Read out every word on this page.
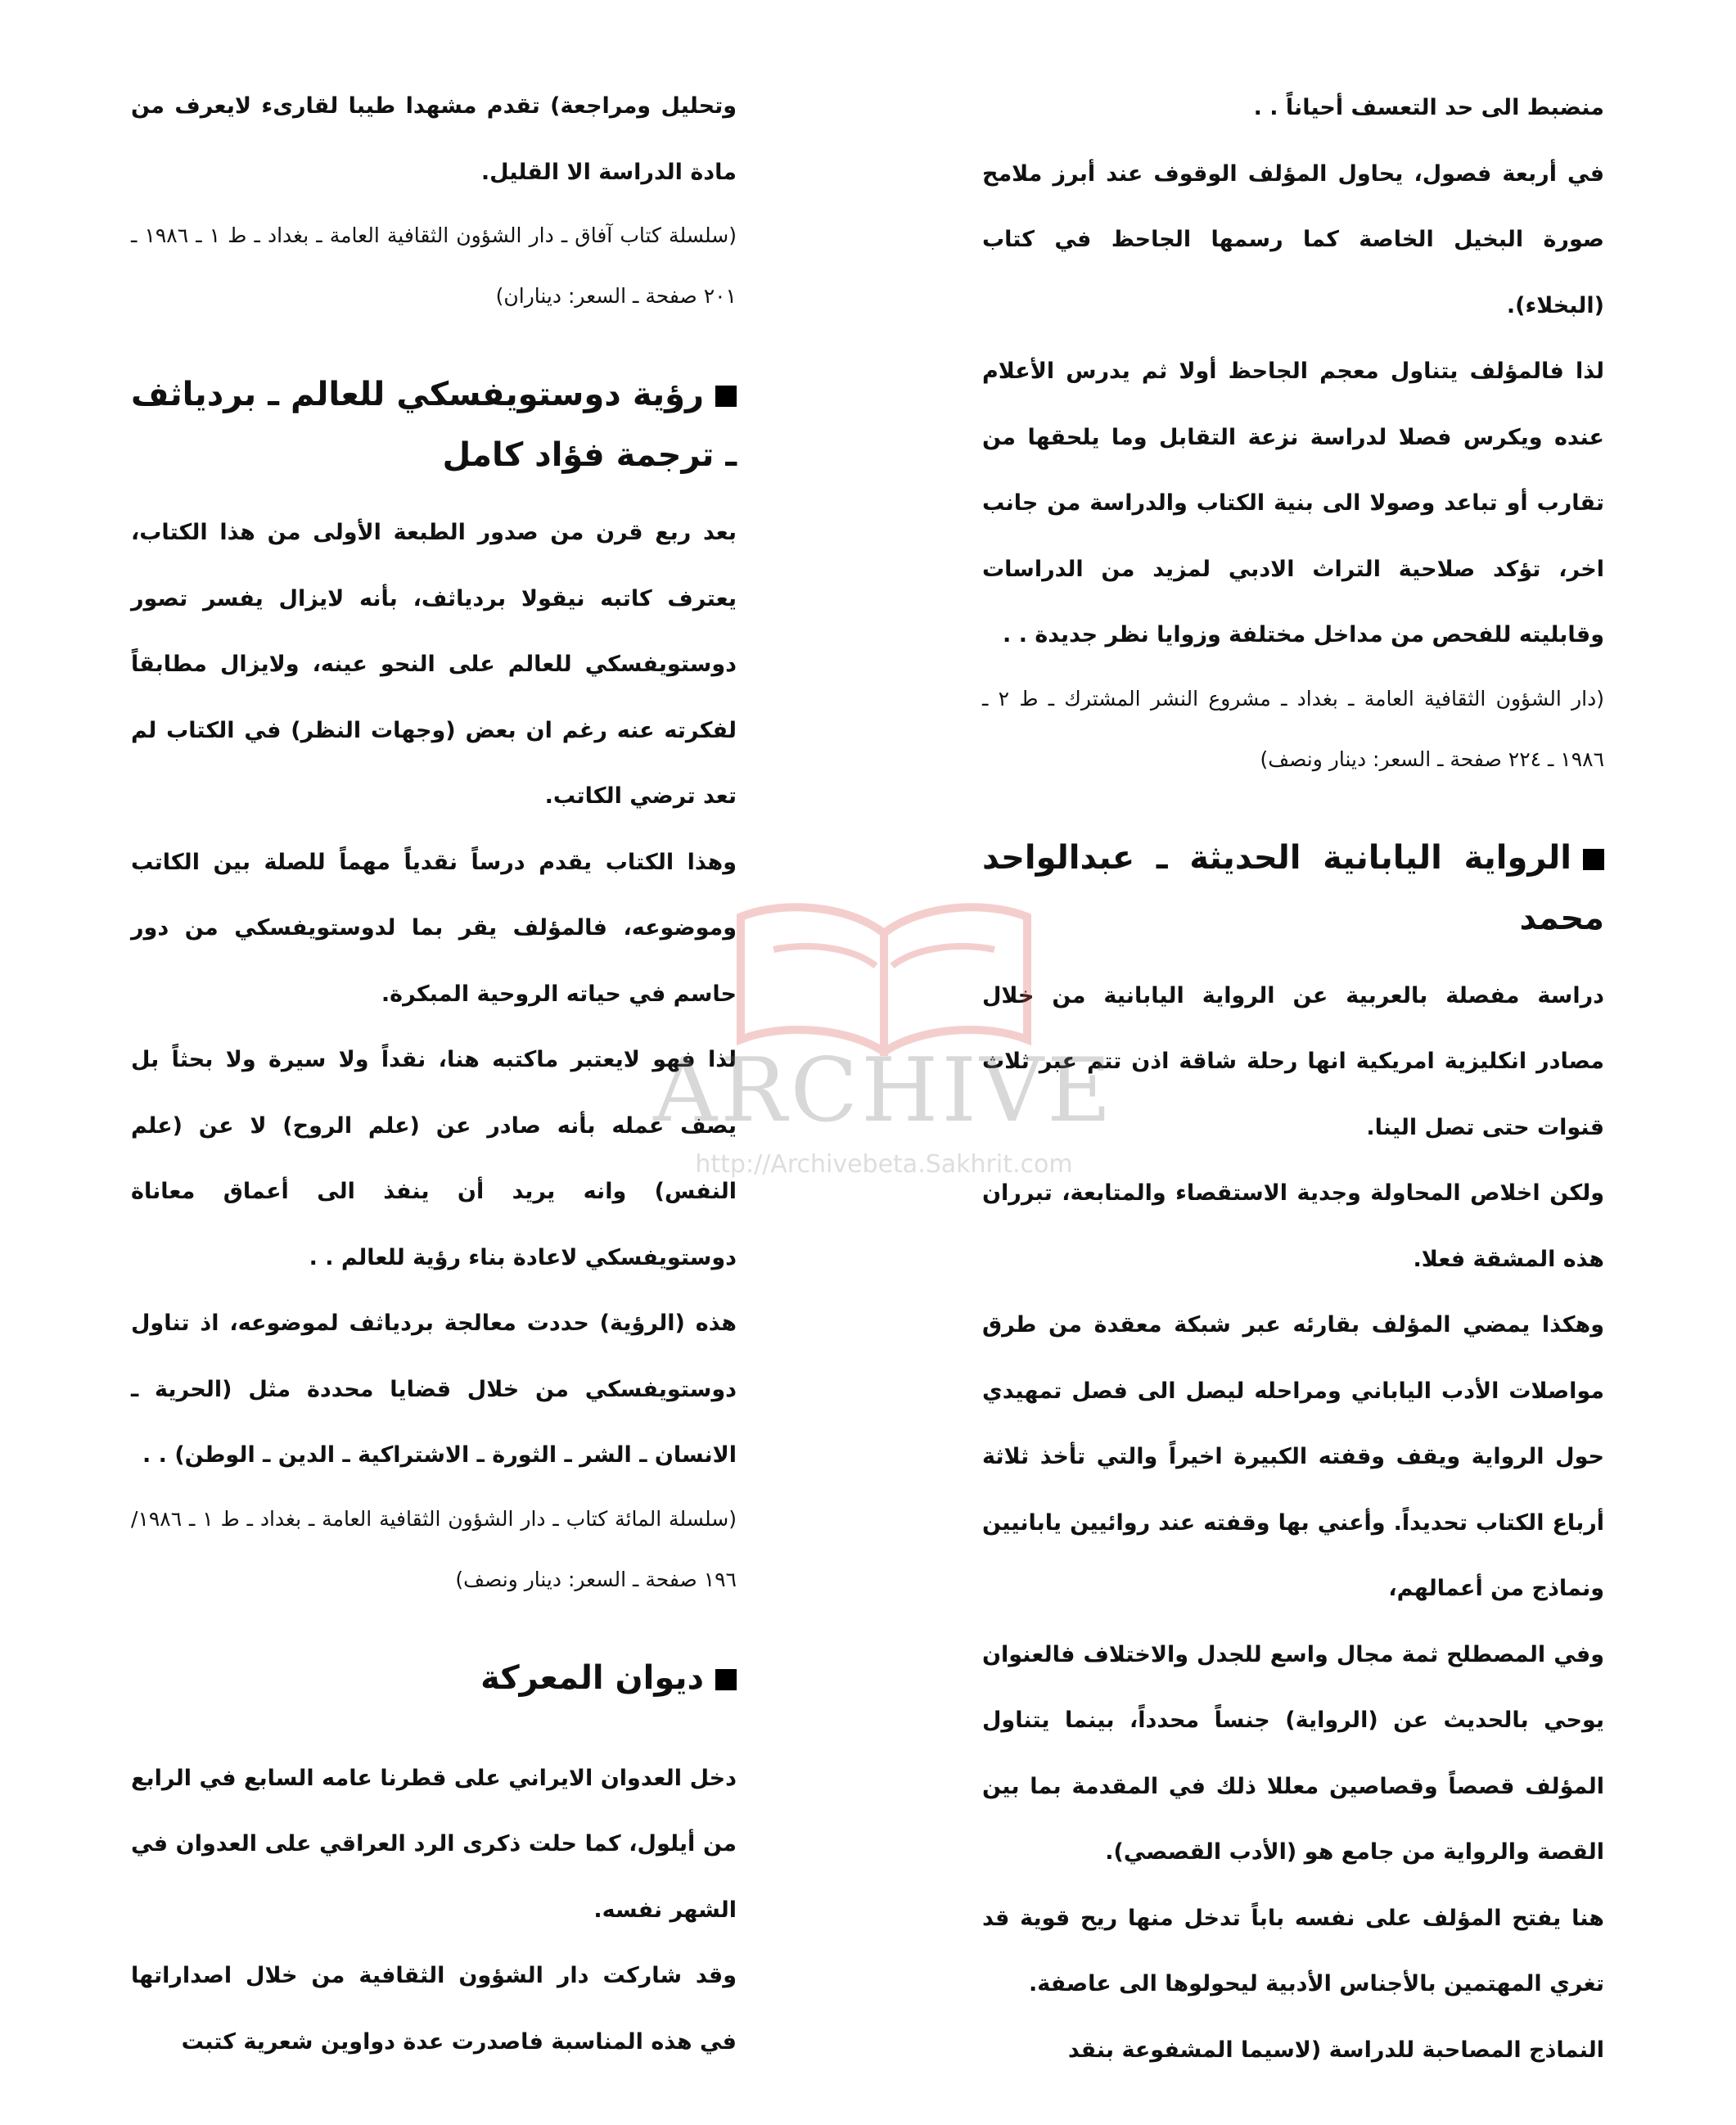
منضبط الى حد التعسف أحياناً . .

في أربعة فصول، يحاول المؤلف الوقوف عند أبرز ملامح صورة البخيل الخاصة كما رسمها الجاحظ في كتاب (البخلاء).

لذا فالمؤلف يتناول معجم الجاحظ أولا ثم يدرس الأعلام عنده ويكرس فصلا لدراسة نزعة التقابل وما يلحقها من تقارب أو تباعد وصولا الى بنية الكتاب والدراسة من جانب اخر، تؤكد صلاحية التراث الادبي لمزيد من الدراسات وقابليته للفحص من مداخل مختلفة وزوايا نظر جديدة . .

(دار الشؤون الثقافية العامة ـ بغداد ـ مشروع النشر المشترك ـ ط ٢ ـ ١٩٨٦ ـ ٢٢٤ صفحة ـ السعر: دينار ونصف)

الرواية اليابانية الحديثة ـ عبدالواحد محمد

دراسة مفصلة بالعربية عن الرواية اليابانية من خلال مصادر انكليزية امريكية انها رحلة شاقة اذن تتم عبر ثلاث قنوات حتى تصل الينا.

ولكن اخلاص المحاولة وجدية الاستقصاء والمتابعة، تبرران هذه المشقة فعلا.

وهكذا يمضي المؤلف بقارئه عبر شبكة معقدة من طرق مواصلات الأدب الياباني ومراحله ليصل الى فصل تمهيدي حول الرواية ويقف وقفته الكبيرة اخيراً والتي تأخذ ثلاثة أرباع الكتاب تحديداً. وأعني بها وقفته عند روائيين يابانيين ونماذج من أعمالهم،

وفي المصطلح ثمة مجال واسع للجدل والاختلاف فالعنوان يوحي بالحديث عن (الرواية) جنساً محدداً، بينما يتناول المؤلف قصصاً وقصاصين معللا ذلك في المقدمة بما بين القصة والرواية من جامع هو (الأدب القصصي).

هنا يفتح المؤلف على نفسه باباً تدخل منها ريح قوية قد تغري المهتمين بالأجناس الأدبية ليحولوها الى عاصفة.

النماذج المصاحبة للدراسة (لاسيما المشفوعة بنقد

وتحليل ومراجعة) تقدم مشهدا طيبا لقارىء لايعرف من مادة الدراسة الا القليل.

(سلسلة كتاب آفاق ـ دار الشؤون الثقافية العامة ـ بغداد ـ ط ١ ـ ١٩٨٦ ـ ٢٠١ صفحة ـ السعر: ديناران)

رؤية دوستويفسكي للعالم ـ بردياثف ـ ترجمة فؤاد كامل

بعد ربع قرن من صدور الطبعة الأولى من هذا الكتاب، يعترف كاتبه نيقولا بردياثف، بأنه لايزال يفسر تصور دوستويفسكي للعالم على النحو عينه، ولايزال مطابقاً لفكرته عنه رغم ان بعض (وجهات النظر) في الكتاب لم تعد ترضي الكاتب.

وهذا الكتاب يقدم درساً نقدياً مهماً للصلة بين الكاتب وموضوعه، فالمؤلف يقر بما لدوستويفسكي من دور حاسم في حياته الروحية المبكرة.

لذا فهو لايعتبر ماكتبه هنا، نقداً ولا سيرة ولا بحثاً بل يصف عمله بأنه صادر عن (علم الروح) لا عن (علم النفس) وانه يريد أن ينفذ الى أعماق معاناة دوستويفسكي لاعادة بناء رؤية للعالم . .

هذه (الرؤية) حددت معالجة بردياثف لموضوعه، اذ تناول دوستويفسكي من خلال قضايا محددة مثل (الحرية ـ الانسان ـ الشر ـ الثورة ـ الاشتراكية ـ الدين ـ الوطن) . .

(سلسلة المائة كتاب ـ دار الشؤون الثقافية العامة ـ بغداد ـ ط ١ ـ ١٩٨٦/ ١٩٦ صفحة ـ السعر: دينار ونصف)

ديوان المعركة

دخل العدوان الايراني على قطرنا عامه السابع في الرابع من أيلول، كما حلت ذكرى الرد العراقي على العدوان في الشهر نفسه.

وقد شاركت دار الشؤون الثقافية من خلال اصداراتها في هذه المناسبة فاصدرت عدة دواوين شعرية كتبت

ARCHIVE
http://Archivebeta.Sakhrit.com
